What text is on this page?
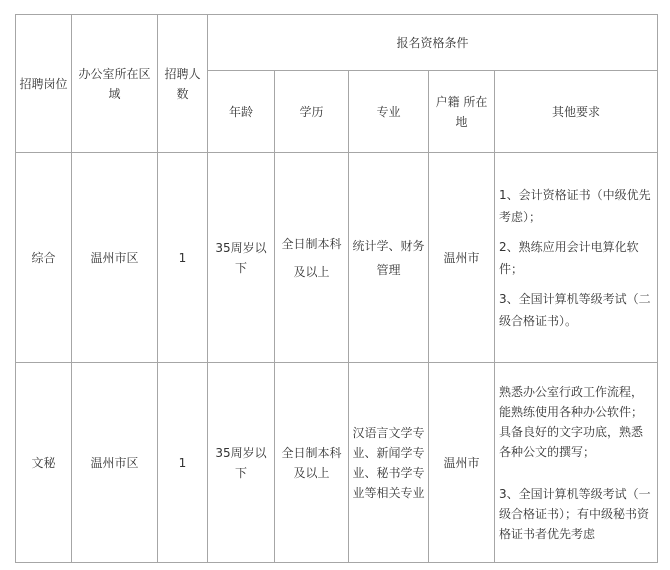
招聘岗位	办公室所在区域	招聘人数	报名资格条件				
			年龄	学历	专业	户籍 所在地	其他要求
综合	温州市区	1	35周岁以下	全日制本科及以上	统计学、财务管理	温州市	1、会计资格证书（中级优先考虑）；

2、熟练应用会计电算化软件；

3、全国计算机等级考试（二级合格证书）。

文秘	温州市区	1	35周岁以下	全日制本科   及以上	汉语言文学专业、新闻学专业、秘书学专业等相关专业	温州市	熟悉办公室行政工作流程，能熟练使用各种办公软件；具备良好的文字功底，熟悉各种公文的撰写；

3、全国计算机等级考试（一级合格证书）；有中级秘书资格证书者优先考虑
